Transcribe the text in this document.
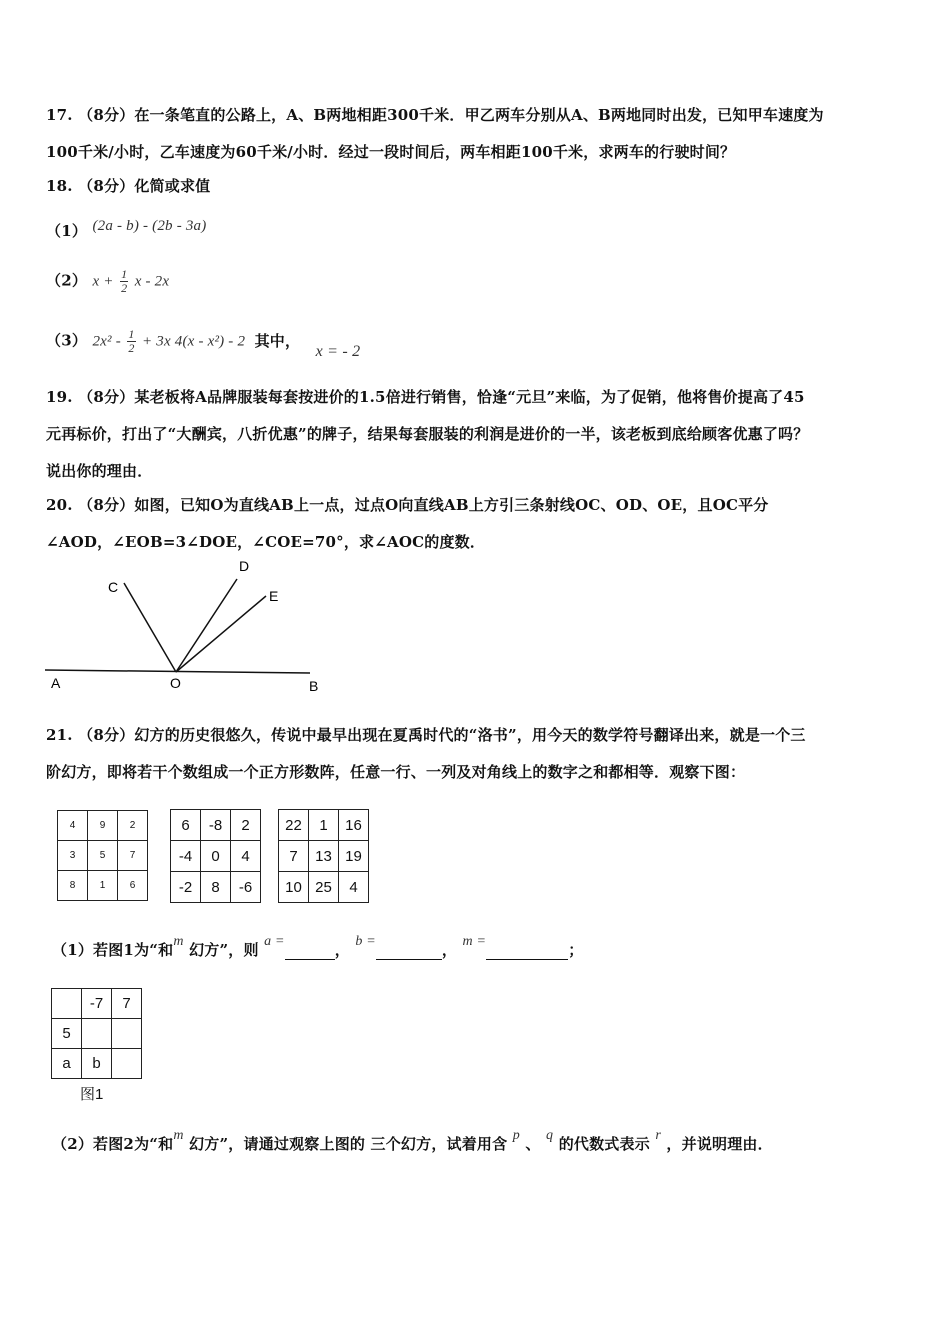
17. （8分）在一条笔直的公路上，A、B两地相距300千米．甲乙两车分别从A、B两地同时出发，已知甲车速度为
100千米/小时，乙车速度为60千米/小时．经过一段时间后，两车相距100千米，求两车的行驶时间？
18. （8分）化简或求值
（1） (2a - b) - (2b - 3a)
（2） $x + \frac{1}{2}$ x - 2x
（3） $2x^2 - \frac{1}{2} + 3x$ 4(x - x²) - 2 其中， x = - 2
19. （8分）某老板将A品牌服装每套按进价的1.5倍进行销售，恰逢“元旦”来临，为了促销，他将售价提高了45
元再标价，打出了“大酬宾，八折优惠”的牌子，结果每套服装的利润是进价的一半，该老板到底给顾客优惠了吗？
说出你的理由．
20. （8分）如图，已知O为直线AB上一点，过点O向直线AB上方引三条射线OC、OD、OE，且OC平分
∠AOD，∠EOB=3∠DOE，∠COE=70°，求∠AOC的度数．
A	O	B
C
D
E
21. （8分）幻方的历史很悠久，传说中最早出现在夏禹时代的“洛书”，用今天的数学符号翻译出来，就是一个三
阶幻方，即将若干个数组成一个正方形数阵，任意一行、一列及对角线上的数字之和都相等．观察下图：
4	9	2
3	5	7
8	1	6
6	-8	2
-4	0	4
-2	8	-6
22	1	16
7	13	19
10	25	4
（1）若图1为“和m 幻方”，则 a =	， b =	， m =	；
	-7	7
5		
a	b	
图1
（2）若图2为“和m 幻方”，请通过观察上图的 三个幻方，试着用含 p 、 q 的代数式表示 r ，并说明理由．
